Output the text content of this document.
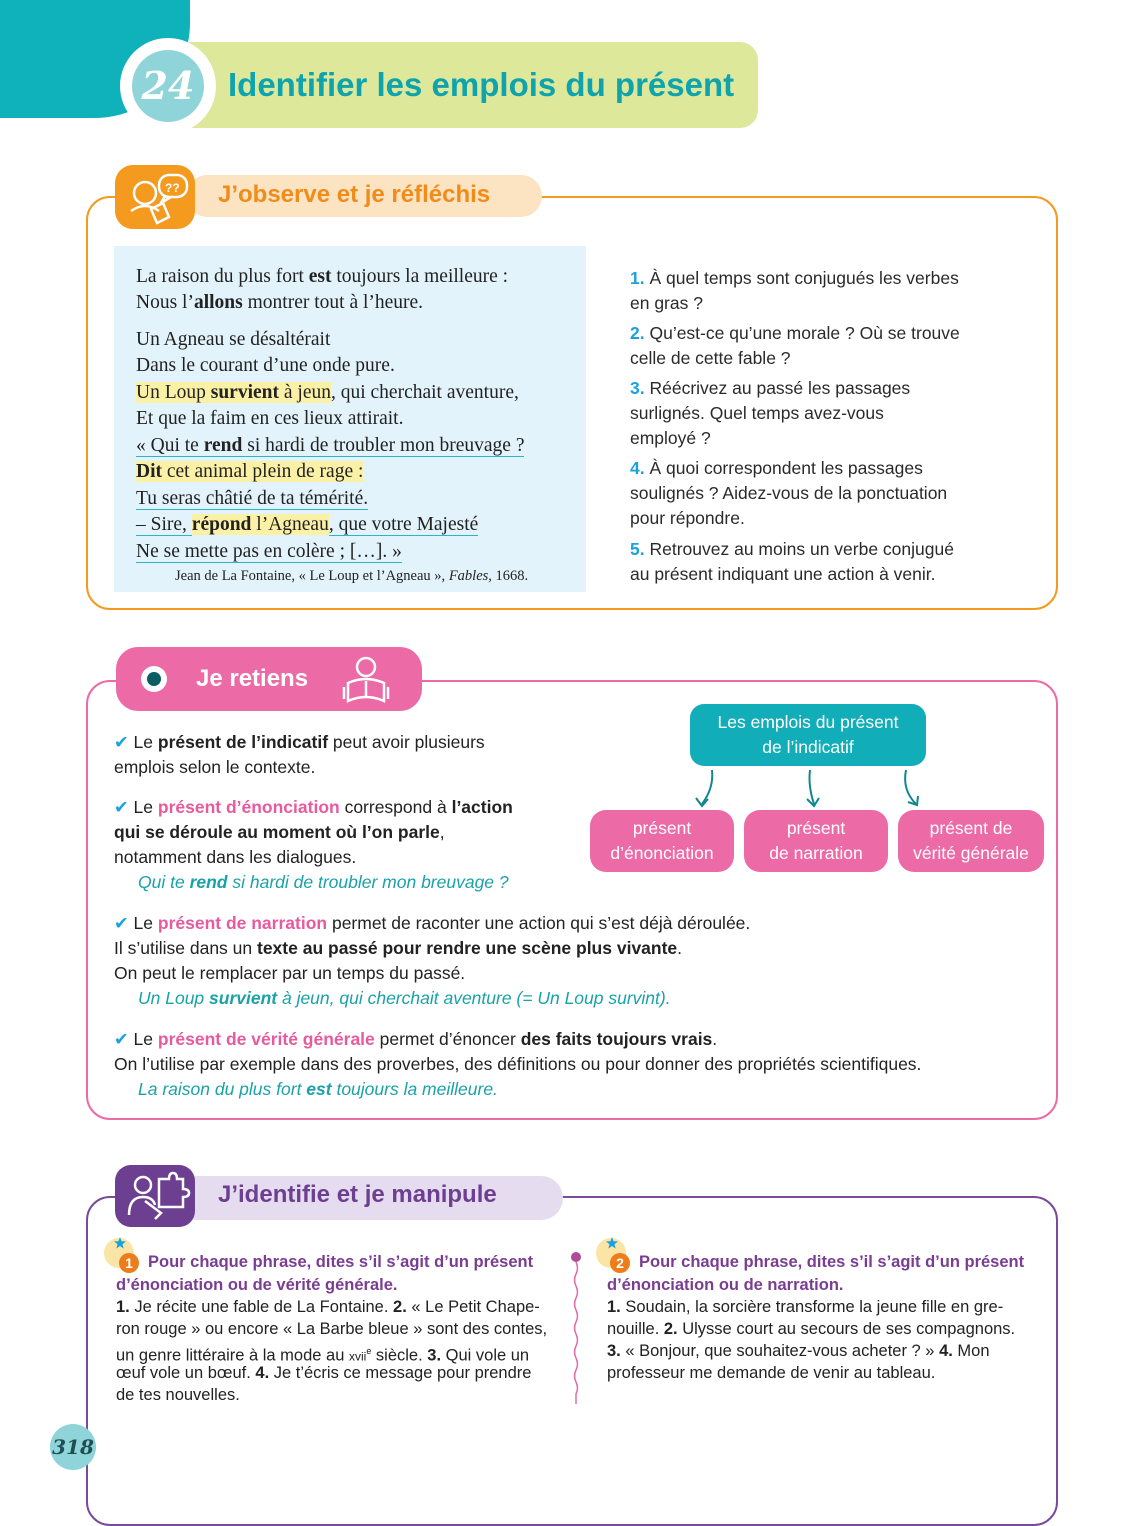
24 Identifier les emplois du présent
?? J’observe et je réfléchis
La raison du plus fort est toujours la meilleure :
Nous l’allons montrer tout à l’heure.
Un Agneau se désaltérait
Dans le courant d’une onde pure.
Un Loup survient à jeun, qui cherchait aventure,
Et que la faim en ces lieux attirait.
« Qui te rend si hardi de troubler mon breuvage ?
Dit cet animal plein de rage :
Tu seras châtié de ta témérité.
– Sire, répond l’Agneau, que votre Majesté
Ne se mette pas en colère ; […]. »
Jean de La Fontaine, « Le Loup et l’Agneau », Fables, 1668.
1. À quel temps sont conjugués les verbes
en gras ?
2. Qu’est-ce qu’une morale ? Où se trouve
celle de cette fable ?
3. Réécrivez au passé les passages
surlignés. Quel temps avez-vous
employé ?
4. À quoi correspondent les passages
soulignés ? Aidez-vous de la ponctuation
pour répondre.
5. Retrouvez au moins un verbe conjugué
au présent indiquant une action à venir.
Je retiens
✔ Le présent de l’indicatif peut avoir plusieurs
emplois selon le contexte.
✔ Le présent d’énonciation correspond à l’action
qui se déroule au moment où l’on parle,
notamment dans les dialogues.
Qui te rend si hardi de troubler mon breuvage ?
✔ Le présent de narration permet de raconter une action qui s’est déjà déroulée.
Il s’utilise dans un texte au passé pour rendre une scène plus vivante.
On peut le remplacer par un temps du passé.
Un Loup survient à jeun, qui cherchait aventure (= Un Loup survint).
✔ Le présent de vérité générale permet d’énoncer des faits toujours vrais.
On l’utilise par exemple dans des proverbes, des définitions ou pour donner des propriétés scientifiques.
La raison du plus fort est toujours la meilleure.
Les emplois du présent
de l’indicatif
présent
d’énonciation
présent
de narration
présent de
vérité générale
J’identifie et je manipule
1 Pour chaque phrase, dites s’il s’agit d’un présent
d’énonciation ou de vérité générale.
1. Je récite une fable de La Fontaine. 2. « Le Petit Chape-
ron rouge » ou encore « La Barbe bleue » sont des contes,
un genre littéraire à la mode au xvii$^e$ siècle. 3. Qui vole un
œuf vole un bœuf. 4. Je t’écris ce message pour prendre
de tes nouvelles.
2 Pour chaque phrase, dites s’il s’agit d’un présent
d’énonciation ou de narration.
1. Soudain, la sorcière transforme la jeune fille en gre-
nouille. 2. Ulysse court au secours de ses compagnons.
3. « Bonjour, que souhaitez-vous acheter ? » 4. Mon
professeur me demande de venir au tableau.
318
